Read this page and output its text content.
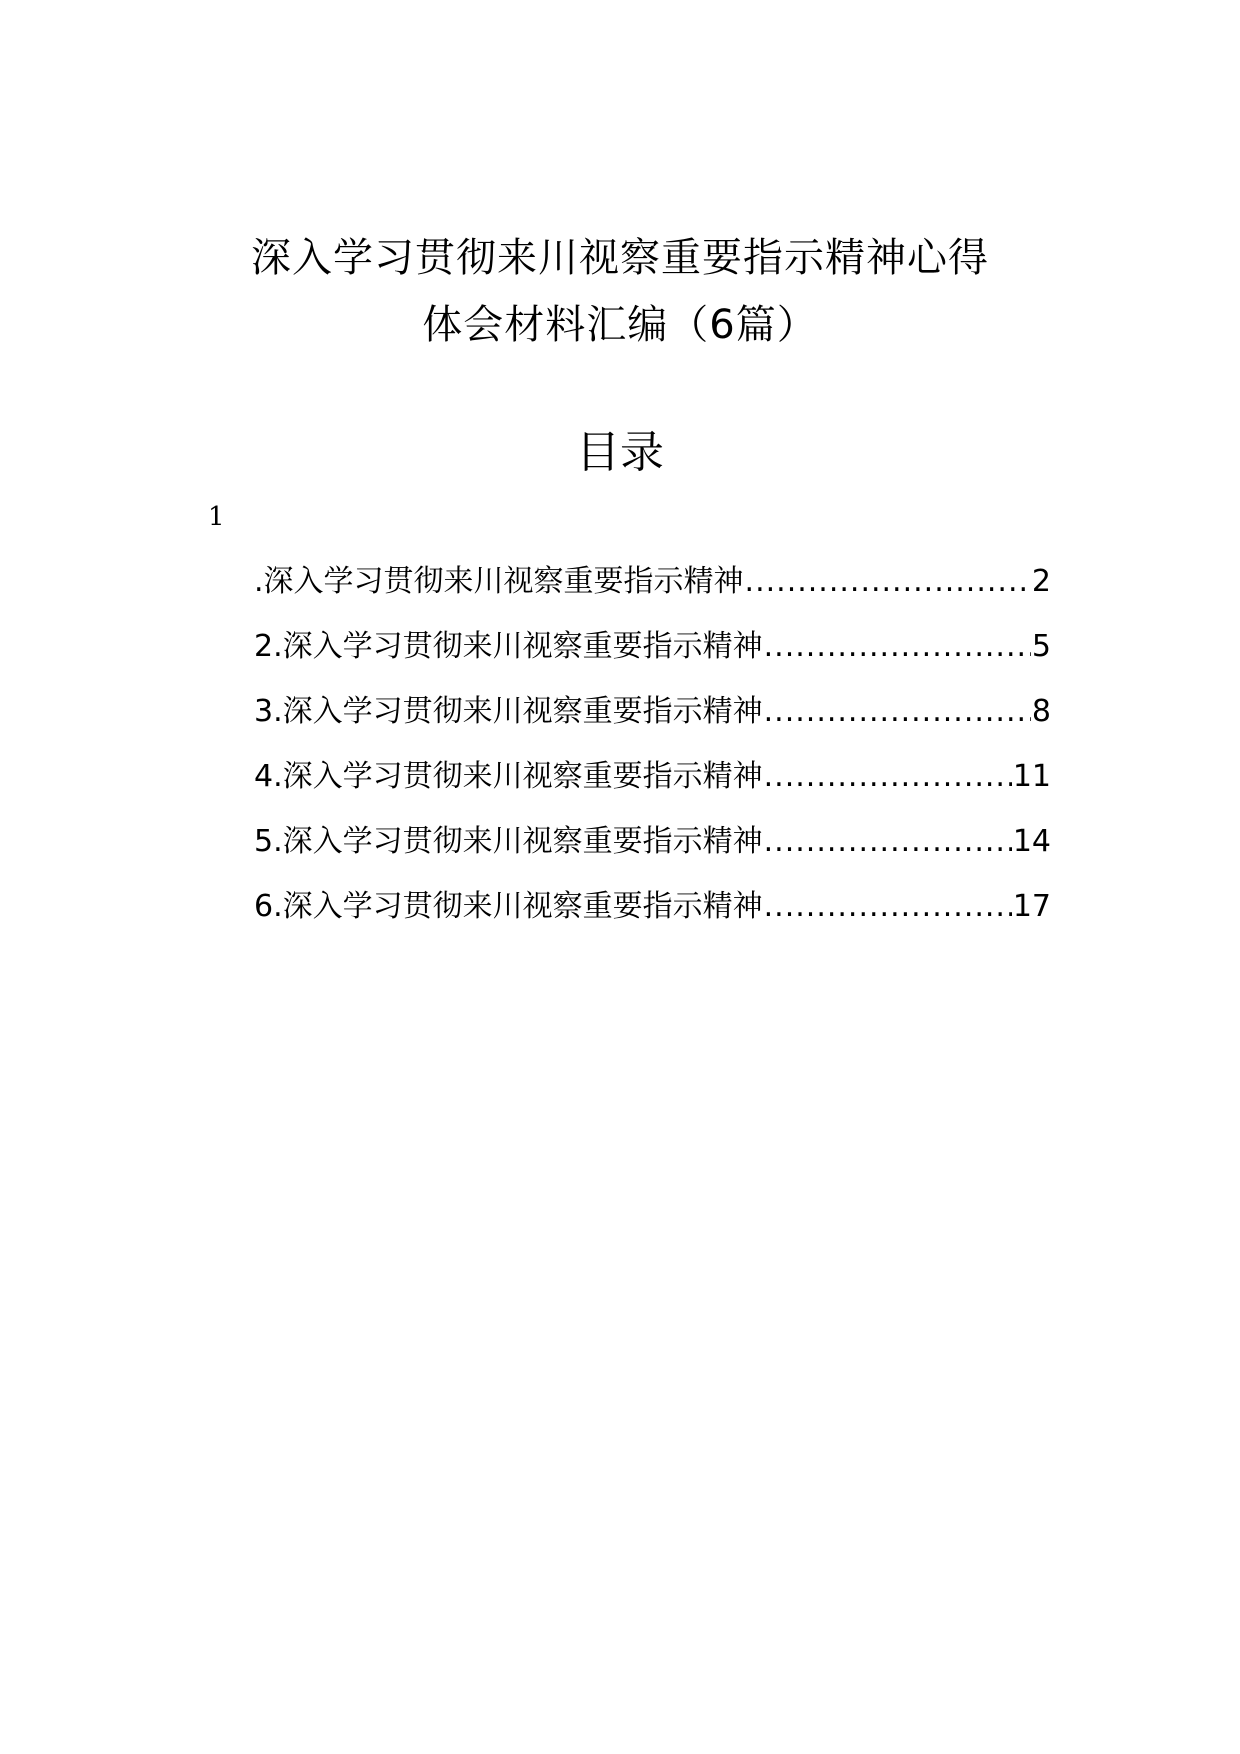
深入学习贯彻来川视察重要指示精神心得
体会材料汇编（6篇）
目录
1
.深入学习贯彻来川视察重要指示精神 .....	2
2 .深入学习贯彻来川视察重要指示精神 .....	5
3 .深入学习贯彻来川视察重要指示精神 .....	8
4 .深入学习贯彻来川视察重要指示精神 .....	11
5 .深入学习贯彻来川视察重要指示精神 .....	14
6 .深入学习贯彻来川视察重要指示精神 .....	17
